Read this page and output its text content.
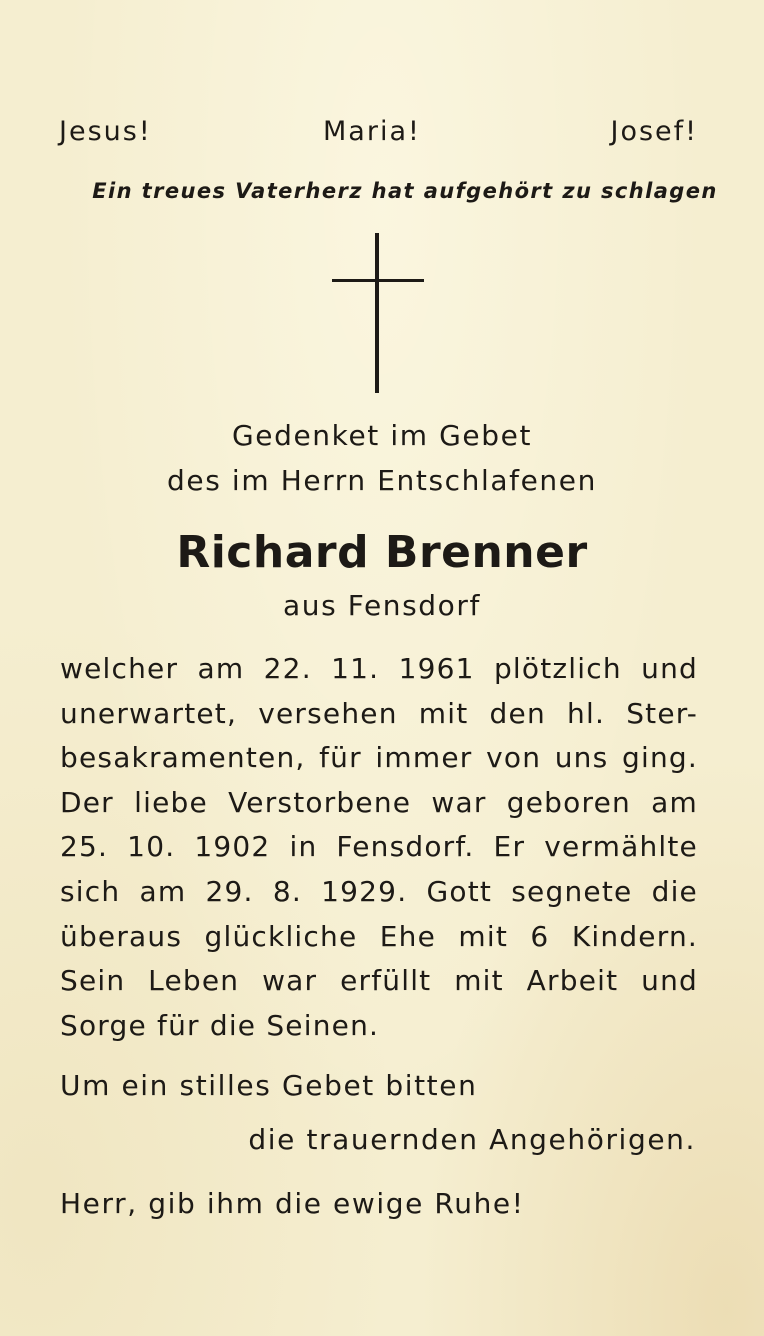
Jesus!	Maria!	Josef!
Ein treues Vaterherz hat aufgehört zu schlagen
Gedenket im Gebet
des im Herrn Entschlafenen
Richard Brenner
aus Fensdorf
welcher am 22. 11. 1961 plötzlich und
unerwartet, versehen mit den hl. Ster-
besakramenten, für immer von uns ging.
Der liebe Verstorbene war geboren am
25. 10. 1902 in Fensdorf. Er vermählte
sich am 29. 8. 1929. Gott segnete die
überaus glückliche Ehe mit 6 Kindern.
Sein Leben war erfüllt mit Arbeit und
Sorge für die Seinen.
Um ein stilles Gebet bitten
die trauernden Angehörigen.
Herr, gib ihm die ewige Ruhe!
